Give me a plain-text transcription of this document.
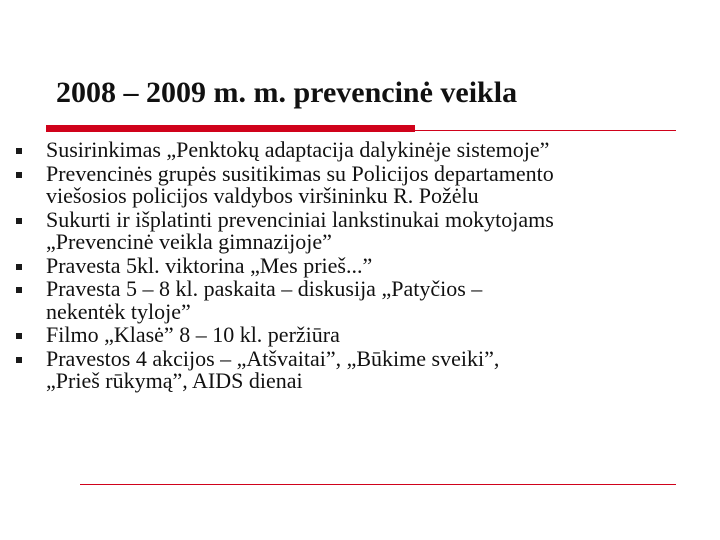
2008 – 2009 m. m. prevencinė veikla
Susirinkimas „Penktokų adaptacija dalykinėje sistemoje”
Prevencinės grupės susitikimas su Policijos departamento
viešosios policijos valdybos viršininku R. Požėlu
Sukurti ir išplatinti prevenciniai lankstinukai mokytojams
„Prevencinė veikla gimnazijoje”
Pravesta 5kl. viktorina „Mes prieš...”
Pravesta 5 – 8 kl. paskaita – diskusija „Patyčios –
nekentėk tyloje”
Filmo „Klasė” 8 – 10 kl. peržiūra
Pravestos 4 akcijos – „Atšvaitai”, „Būkime sveiki”,
„Prieš rūkymą”, AIDS dienai
